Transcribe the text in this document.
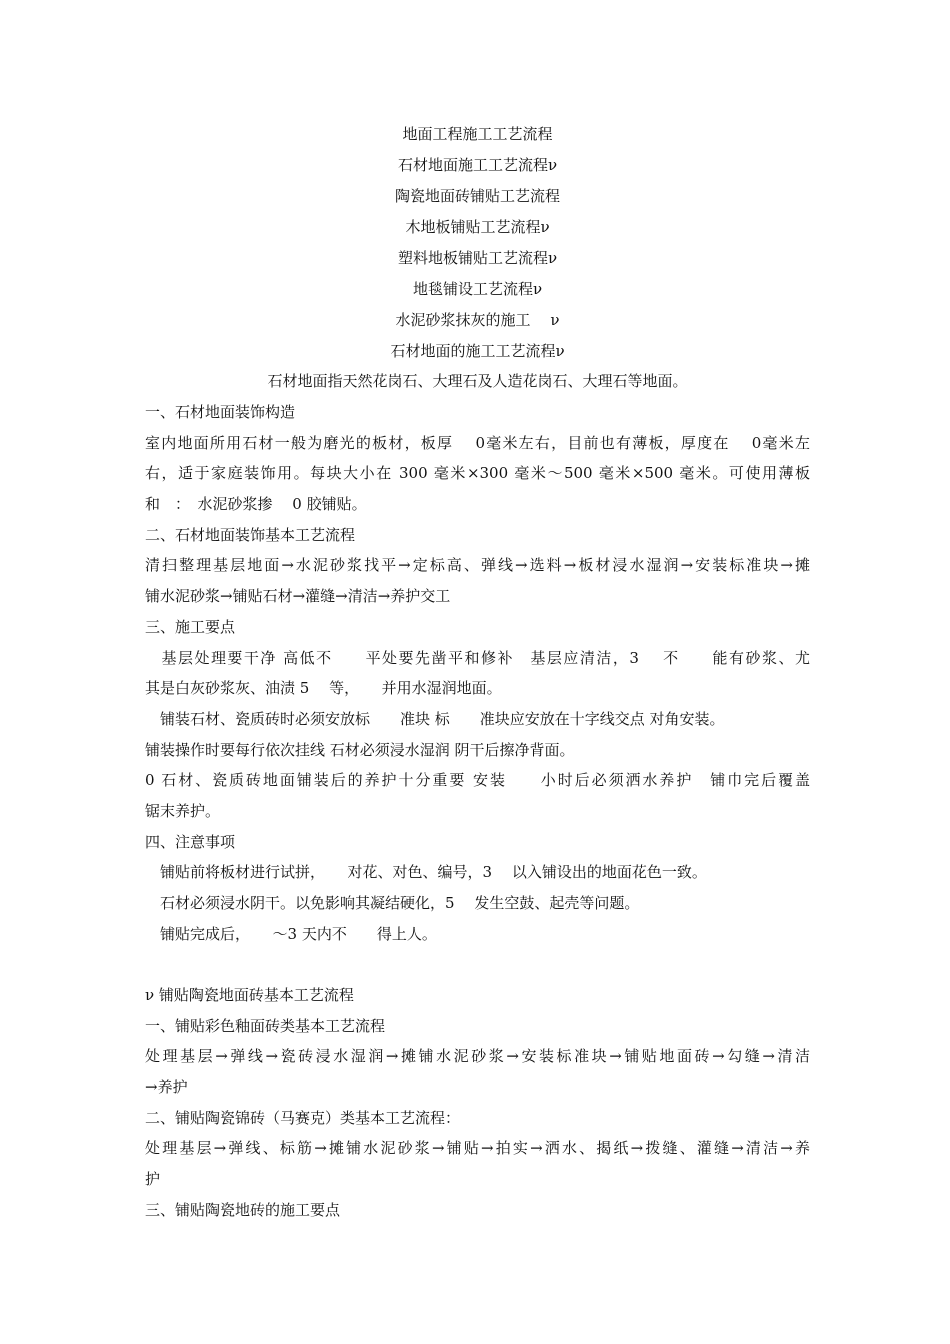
地面工程施工工艺流程
石材地面施工工艺流程ν
陶瓷地面砖铺贴工艺流程
木地板铺贴工艺流程ν
塑料地板铺贴工艺流程ν
地毯铺设工艺流程ν
水泥砂浆抹灰的施工　 ν
石材地面的施工工艺流程ν
石材地面指天然花岗石、大理石及人造花岗石、大理石等地面。
一、石材地面装饰构造
室内地面所用石材一般为磨光的板材，板厚　 0毫米左右，目前也有薄板，厚度在　 0毫米左
右，适于家庭装饰用。每块大小在 300 毫米×300 毫米～500 毫米×500 毫米。可使用薄板
和　：　水泥砂浆掺　 0 胶铺贴。
二、石材地面装饰基本工艺流程
清扫整理基层地面→水泥砂浆找平→定标高、弹线→选料→板材浸水湿润→安装标准块→摊
铺水泥砂浆→铺贴石材→灌缝→清洁→养护交工
三、施工要点
　基层处理要干净 高低不　　平处要先凿平和修补　基层应清洁，3　 不　　能有砂浆、尤
其是白灰砂浆灰、油渍 5　 等，　　并用水湿润地面。
　铺装石材、瓷质砖时必须安放标　　准块 标　　准块应安放在十字线交点 对角安装。
铺装操作时要每行依次挂线 石材必须浸水湿润 阴干后擦净背面。
0 石材、瓷质砖地面铺装后的养护十分重要 安装　　小时后必须洒水养护　铺巾完后覆盖
锯末养护。
四、注意事项
　铺贴前将板材进行试拼，　　对花、对色、编号，3　 以入铺设出的地面花色一致。
　石材必须浸水阴干。以免影响其凝结硬化，5　 发生空鼓、起壳等问题。
　铺贴完成后，　　～3 天内不　　得上人。
ν 铺贴陶瓷地面砖基本工艺流程
一、铺贴彩色釉面砖类基本工艺流程
处理基层→弹线→瓷砖浸水湿润→摊铺水泥砂浆→安装标准块→铺贴地面砖→勾缝→清洁
→养护
二、铺贴陶瓷锦砖（马赛克）类基本工艺流程：
处理基层→弹线、标筋→摊铺水泥砂浆→铺贴→拍实→洒水、揭纸→拨缝、灌缝→清洁→养
护
三、铺贴陶瓷地砖的施工要点
